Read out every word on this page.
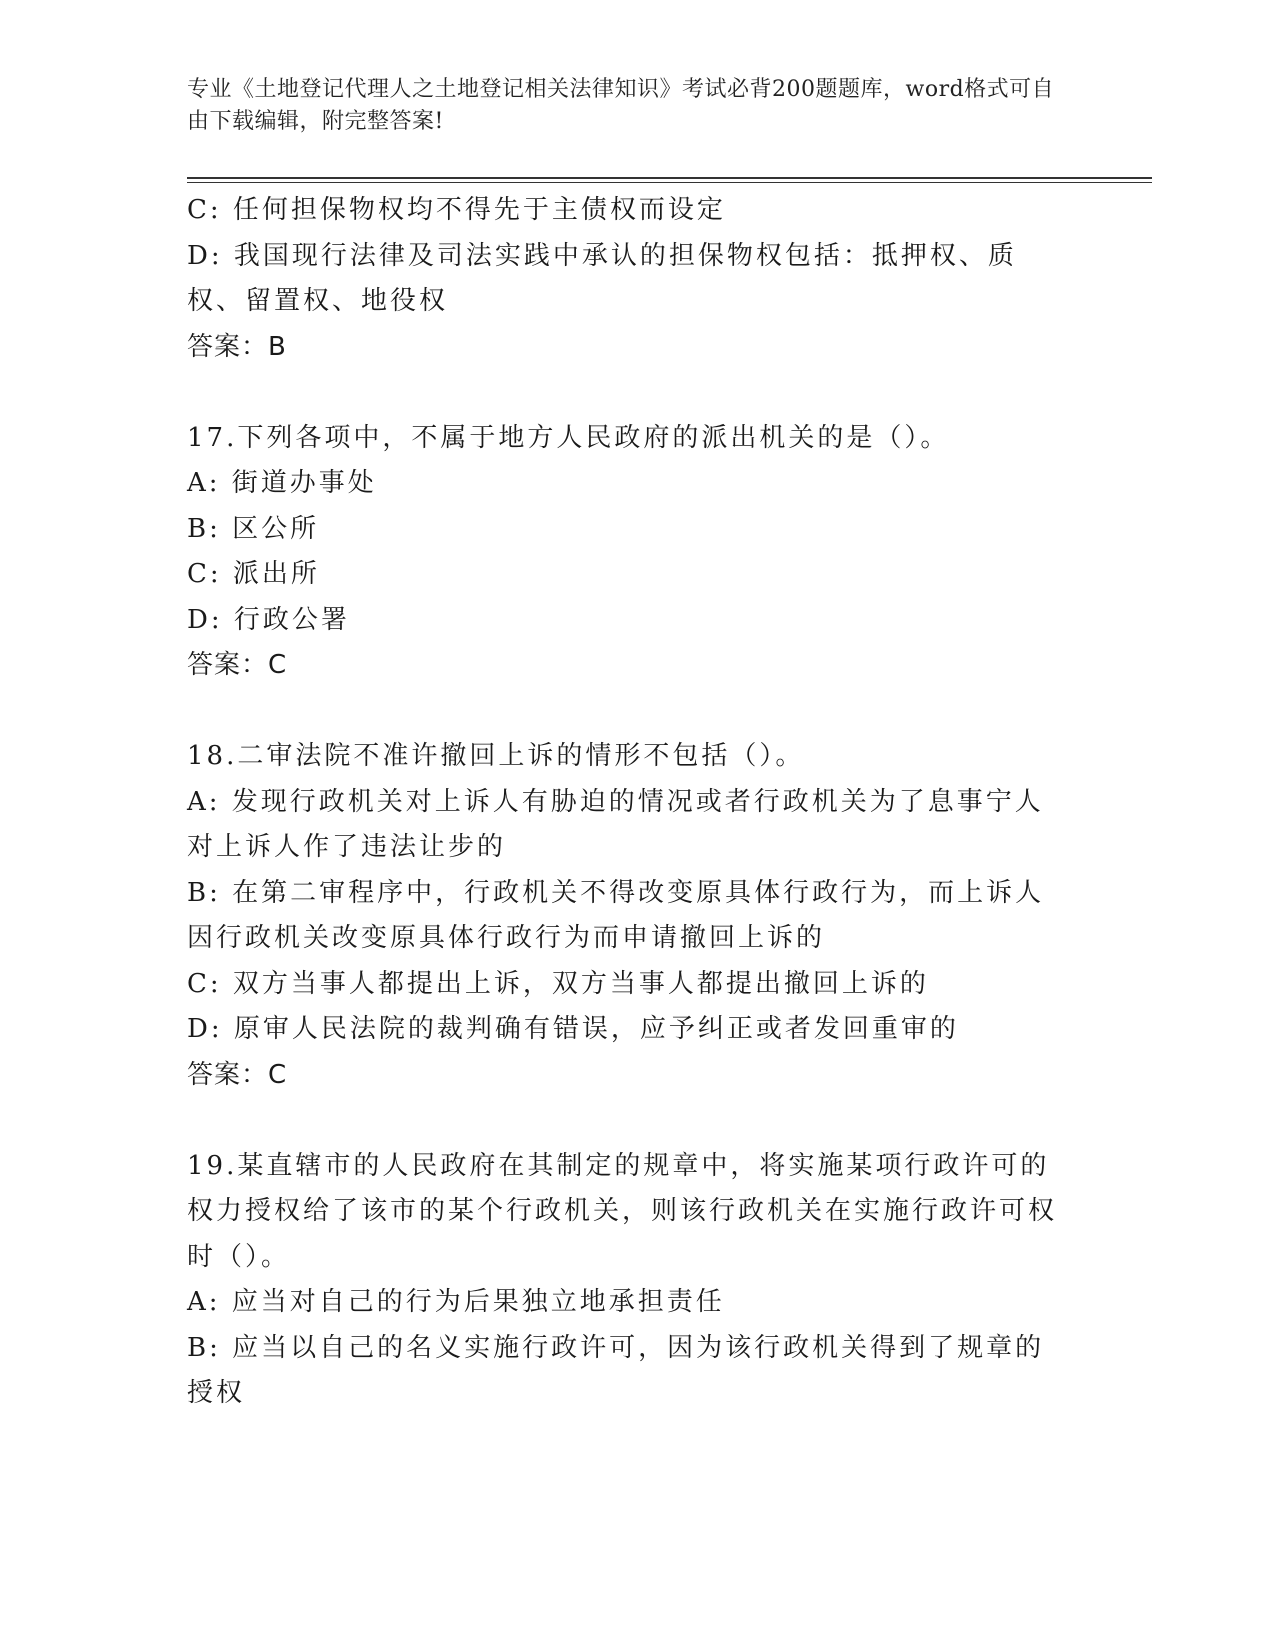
专业《土地登记代理人之土地登记相关法律知识》考试必背200题题库，word格式可自由下载编辑，附完整答案!
C: 任何担保物权均不得先于主债权而设定
D: 我国现行法律及司法实践中承认的担保物权包括：抵押权、质权、留置权、地役权
答案：B
17.下列各项中，不属于地方人民政府的派出机关的是（）。
A: 街道办事处
B: 区公所
C: 派出所
D: 行政公署
答案：C
18.二审法院不准许撤回上诉的情形不包括（）。
A: 发现行政机关对上诉人有胁迫的情况或者行政机关为了息事宁人对上诉人作了违法让步的
B: 在第二审程序中，行政机关不得改变原具体行政行为，而上诉人因行政机关改变原具体行政行为而申请撤回上诉的
C: 双方当事人都提出上诉，双方当事人都提出撤回上诉的
D: 原审人民法院的裁判确有错误，应予纠正或者发回重审的
答案：C
19.某直辖市的人民政府在其制定的规章中，将实施某项行政许可的权力授权给了该市的某个行政机关，则该行政机关在实施行政许可权时（）。
A: 应当对自己的行为后果独立地承担责任
B: 应当以自己的名义实施行政许可，因为该行政机关得到了规章的授权
